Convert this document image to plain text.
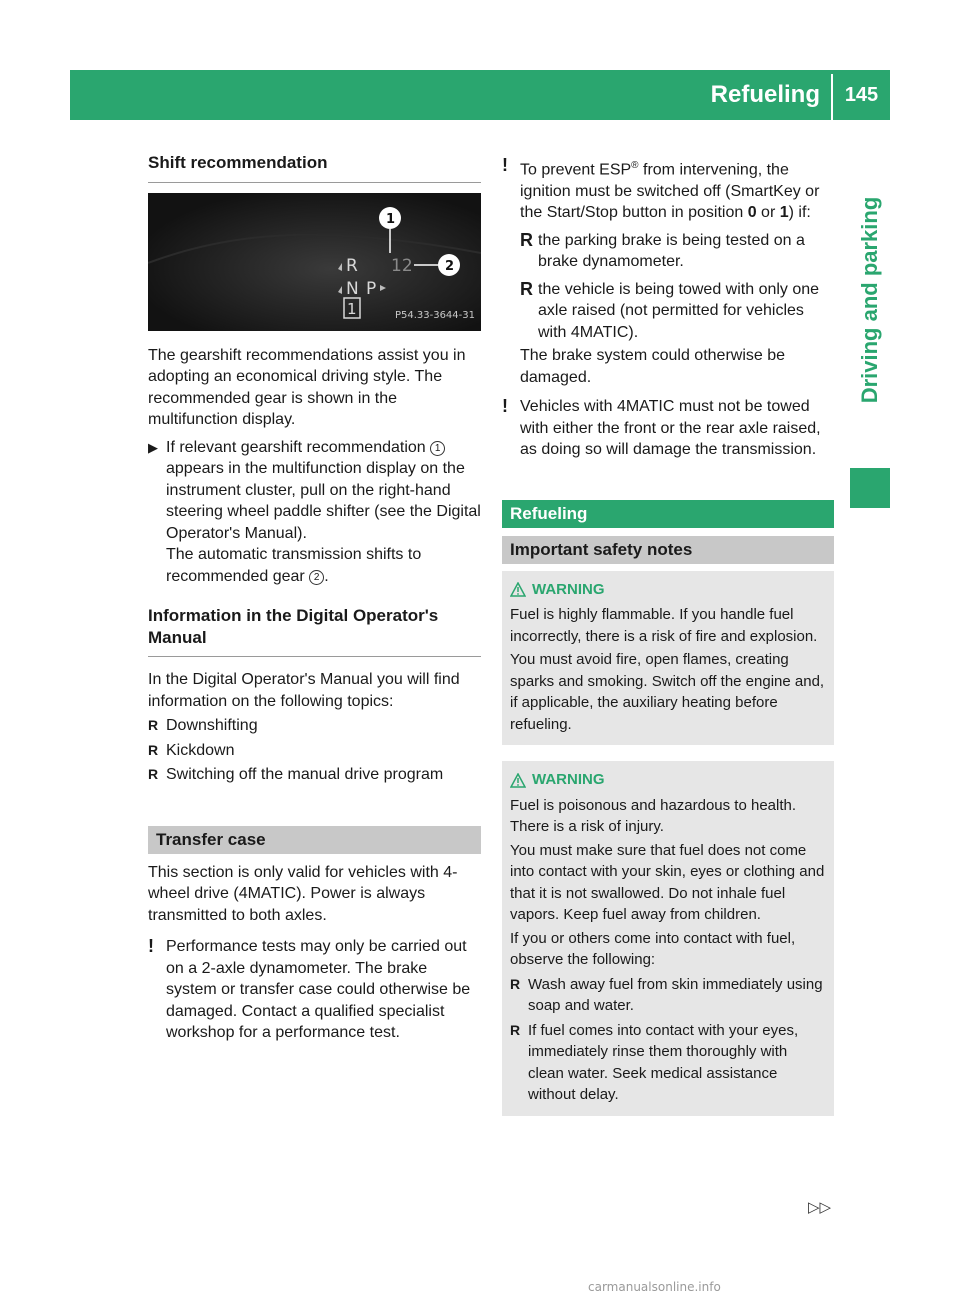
Refueling	145
Driving and parking
Shift recommendation
R
N P
1
12
1
2
P54.33-3644-31

The gearshift recommendations assist you in adopting an economical driving style. The recommended gear is shown in the multifunction display.

▶ If relevant gearshift recommendation 1 appears in the multifunction display on the instrument cluster, pull on the right-hand steering wheel paddle shifter (see the Digital Operator's Manual).
The automatic transmission shifts to recommended gear 2 .
Information in the Digital Operator's Manual

In the Digital Operator's Manual you will find information on the following topics:

R Downshifting
R Kickdown
R Switching off the manual drive program
Transfer case

This section is only valid for vehicles with 4-wheel drive (4MATIC). Power is always transmitted to both axles.

! Performance tests may only be carried out on a 2-axle dynamometer. The brake system or transfer case could otherwise be damaged. Contact a qualified specialist workshop for a performance test.
! To prevent ESP® from intervening, the ignition must be switched off (SmartKey or the Start/Stop button in position 0 or 1) if:
R the parking brake is being tested on a brake dynamometer.
R the vehicle is being towed with only one axle raised (not permitted for vehicles with 4MATIC).

The brake system could otherwise be damaged.

! Vehicles with 4MATIC must not be towed with either the front or the rear axle raised, as doing so will damage the transmission.
Refueling
Important safety notes
WARNING

Fuel is highly flammable. If you handle fuel incorrectly, there is a risk of fire and explosion.

You must avoid fire, open flames, creating sparks and smoking. Switch off the engine and, if applicable, the auxiliary heating before refueling.

WARNING

Fuel is poisonous and hazardous to health. There is a risk of injury.

You must make sure that fuel does not come into contact with your skin, eyes or clothing and that it is not swallowed. Do not inhale fuel vapors. Keep fuel away from children.

If you or others come into contact with fuel, observe the following:

R Wash away fuel from skin immediately using soap and water.
R If fuel comes into contact with your eyes, immediately rinse them thoroughly with clean water. Seek medical assistance without delay.
▷▷
carmanualsonline.info
